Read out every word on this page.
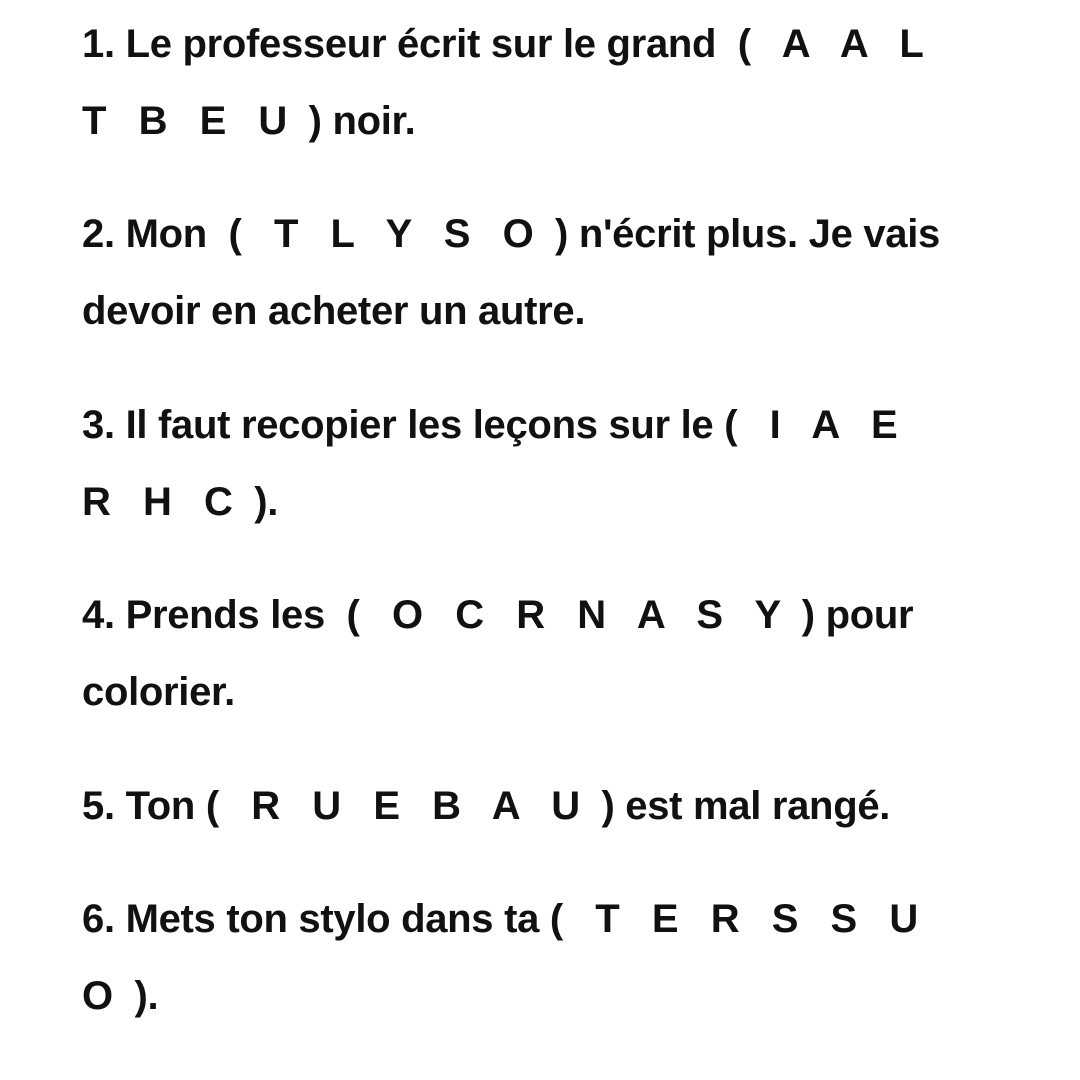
1. Le professeur écrit sur le grand  (   A   A   L

T   B   E   U  ) noir.

2. Mon  (   T   L   Y   S   O  ) n'écrit plus. Je vais

devoir en acheter un autre.

3. Il faut recopier les leçons sur le (   I   A   E

R   H   C  ).

4. Prends les  (   O   C   R   N   A   S   Y  ) pour

colorier.

5. Ton (   R   U   E   B   A   U  ) est mal rangé.

6. Mets ton stylo dans ta (   T   E   R   S   S   U

O  ).
